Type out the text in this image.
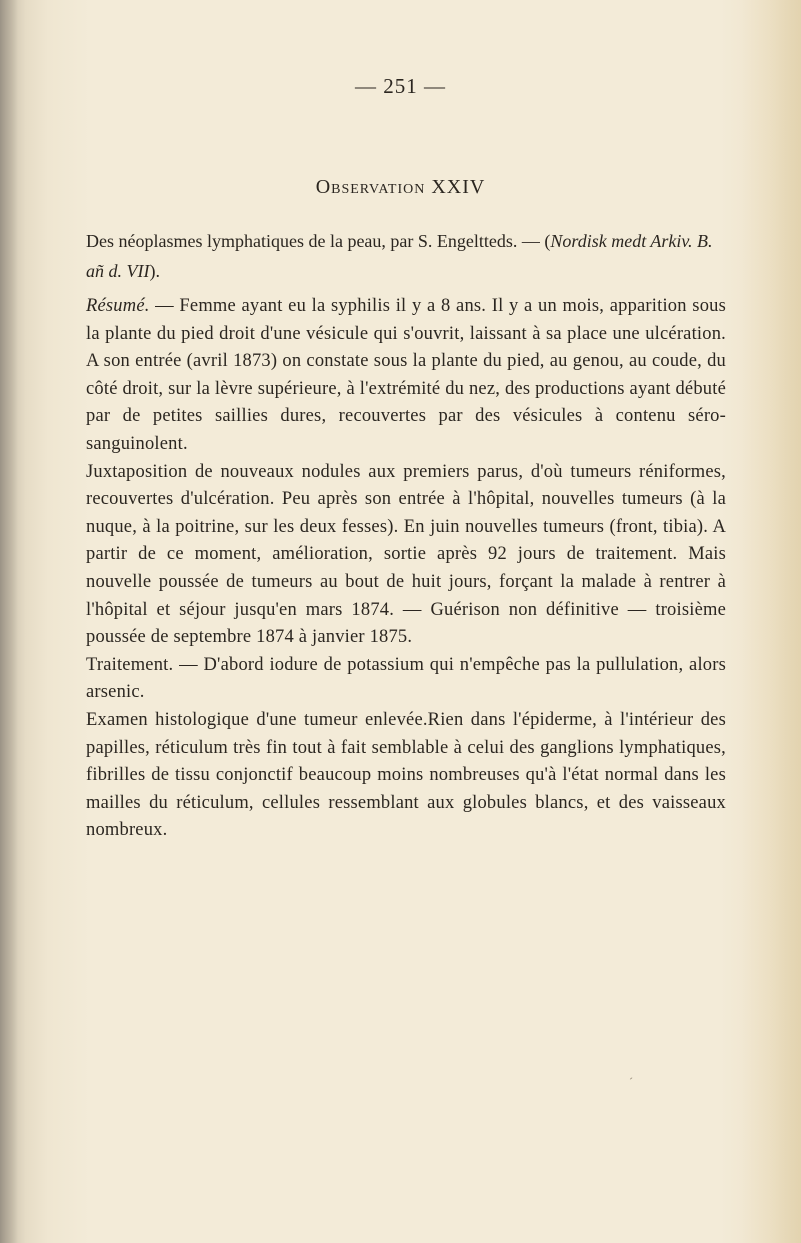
— 251 —
Observation XXIV
Des néoplasmes lymphatiques de la peau, par S. Engeltteds. — (Nordisk medt Arkiv. B. añ d. VII).

Résumé. — Femme ayant eu la syphilis il y a 8 ans. Il y a un mois, apparition sous la plante du pied droit d'une vésicule qui s'ouvrit, laissant à sa place une ulcération. A son entrée (avril 1873) on constate sous la plante du pied, au genou, au coude, du côté droit, sur la lèvre supérieure, à l'extrémité du nez, des productions ayant débuté par de petites saillies dures, recouvertes par des vésicules à contenu séro-sanguinolent.

Juxtaposition de nouveaux nodules aux premiers parus, d'où tumeurs réniformes, recouvertes d'ulcération. Peu après son entrée à l'hôpital, nouvelles tumeurs (à la nuque, à la poitrine, sur les deux fesses). En juin nouvelles tumeurs (front, tibia). A partir de ce moment, amélioration, sortie après 92 jours de traitement. Mais nouvelle poussée de tumeurs au bout de huit jours, forçant la malade à rentrer à l'hôpital et séjour jusqu'en mars 1874. — Guérison non définitive — troisième poussée de septembre 1874 à janvier 1875.

Traitement. — D'abord iodure de potassium qui n'empêche pas la pullulation, alors arsenic.

Examen histologique d'une tumeur enlevée.Rien dans l'épiderme, à l'intérieur des papilles, réticulum très fin tout à fait semblable à celui des ganglions lymphatiques, fibrilles de tissu conjonctif beaucoup moins nombreuses qu'à l'état normal dans les mailles du réticulum, cellules ressemblant aux globules blancs, et des vaisseaux nombreux.

´
